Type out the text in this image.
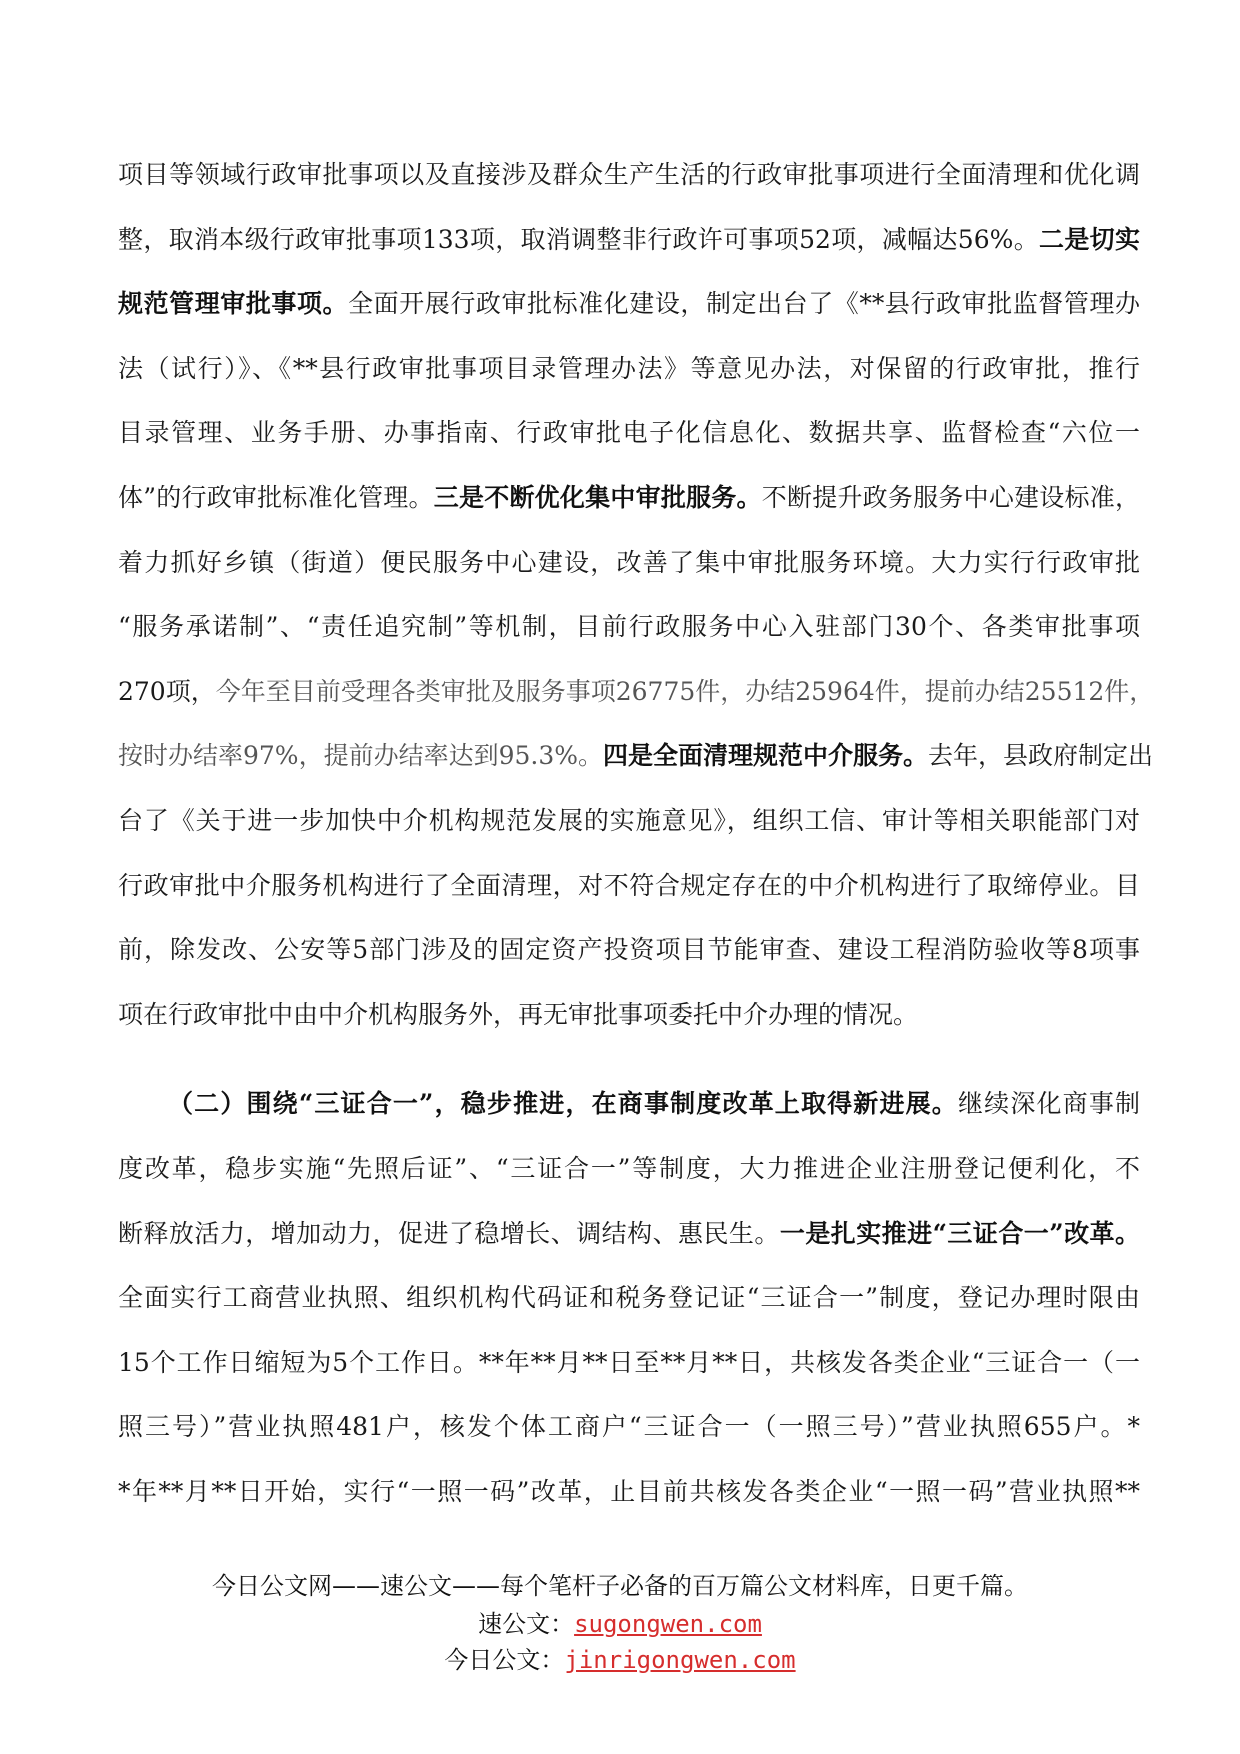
项目等领域行政审批事项以及直接涉及群众生产生活的行政审批事项进行全面清理和优化调
整，取消本级行政审批事项133项，取消调整非行政许可事项52项，减幅达56%。二是切实
规范管理审批事项。全面开展行政审批标准化建设，制定出台了《**县行政审批监督管理办
法（试行）》、《**县行政审批事项目录管理办法》等意见办法，对保留的行政审批，推行
目录管理、业务手册、办事指南、行政审批电子化信息化、数据共享、监督检查“六位一
体”的行政审批标准化管理。三是不断优化集中审批服务。不断提升政务服务中心建设标准，
着力抓好乡镇（街道）便民服务中心建设，改善了集中审批服务环境。大力实行行政审批
“服务承诺制”、“责任追究制”等机制，目前行政服务中心入驻部门30个、各类审批事项
270项，今年至目前受理各类审批及服务事项26775件，办结25964件，提前办结25512件，
按时办结率97%，提前办结率达到95.3%。四是全面清理规范中介服务。去年，县政府制定出
台了《关于进一步加快中介机构规范发展的实施意见》，组织工信、审计等相关职能部门对
行政审批中介服务机构进行了全面清理，对不符合规定存在的中介机构进行了取缔停业。目
前，除发改、公安等5部门涉及的固定资产投资项目节能审查、建设工程消防验收等8项事
项在行政审批中由中介机构服务外，再无审批事项委托中介办理的情况。
（二）围绕“三证合一”，稳步推进，在商事制度改革上取得新进展。继续深化商事制
度改革，稳步实施“先照后证”、“三证合一”等制度，大力推进企业注册登记便利化，不
断释放活力，增加动力，促进了稳增长、调结构、惠民生。一是扎实推进“三证合一”改革。
全面实行工商营业执照、组织机构代码证和税务登记证“三证合一”制度，登记办理时限由
15个工作日缩短为5个工作日。**年**月**日至**月**日，共核发各类企业“三证合一（一
照三号）”营业执照481户，核发个体工商户“三证合一（一照三号）”营业执照655户。*
*年**月**日开始，实行“一照一码”改革，止目前共核发各类企业“一照一码”营业执照**
今日公文网——速公文——每个笔杆子必备的百万篇公文材料库，日更千篇。
速公文：sugongwen.com
今日公文：jinrigongwen.com
